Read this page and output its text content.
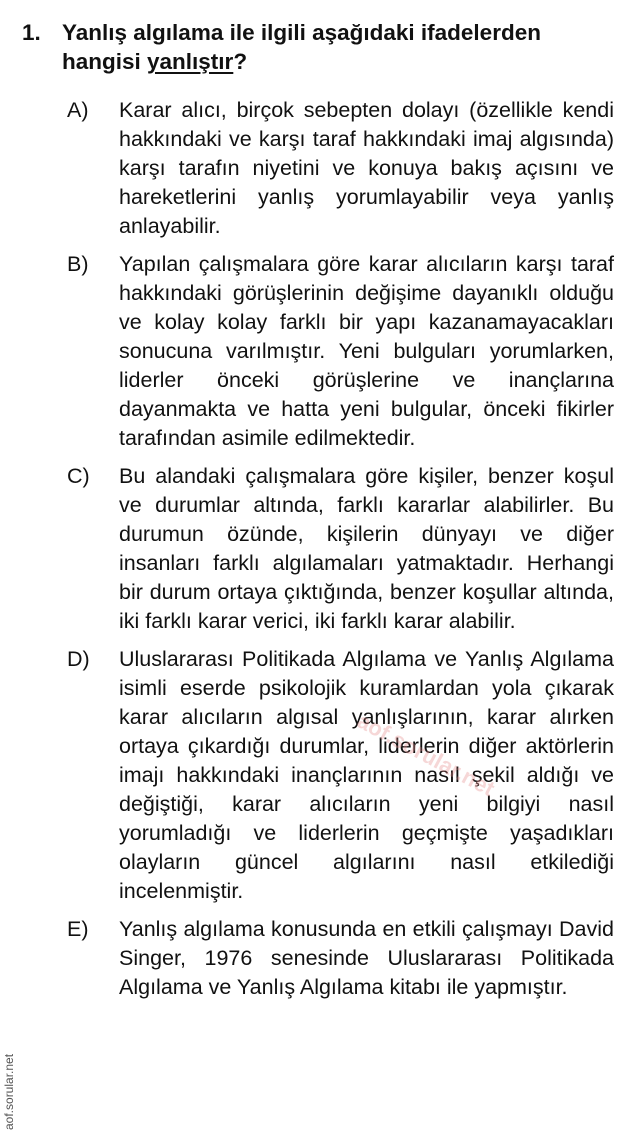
1. Yanlış algılama ile ilgili aşağıdaki ifadelerden hangisi yanlıştır?
A)	Karar alıcı, birçok sebepten dolayı (özellikle kendi hakkındaki ve karşı taraf hakkındaki imaj algısında) karşı tarafın niyetini ve konuya bakış açısını ve hareketlerini yanlış yorumlayabilir veya yanlış anlayabilir.
B)	Yapılan çalışmalara göre karar alıcıların karşı taraf hakkındaki görüşlerinin değişime dayanıklı olduğu ve kolay kolay farklı bir yapı kazanamayacakları sonucuna varılmıştır. Yeni bulguları yorumlarken, liderler önceki görüşlerine ve inançlarına dayanmakta ve hatta yeni bulgular, önceki fikirler tarafından asimile edilmektedir.
C)	Bu alandaki çalışmalara göre kişiler, benzer koşul ve durumlar altında, farklı kararlar alabilirler. Bu durumun özünde, kişilerin dünyayı ve diğer insanları farklı algılamaları yatmaktadır. Herhangi bir durum ortaya çıktığında, benzer koşullar altında, iki farklı karar verici, iki farklı karar alabilir.
D)	Uluslararası Politikada Algılama ve Yanlış Algılama isimli eserde psikolojik kuramlardan yola çıkarak karar alıcıların algısal yanlışlarının, karar alırken ortaya çıkardığı durumlar, liderlerin diğer aktörlerin imajı hakkındaki inançlarının nasıl şekil aldığı ve değiştiği, karar alıcıların yeni bilgiyi nasıl yorumladığı ve liderlerin geçmişte yaşadıkları olayların güncel algılarını nasıl etkilediği incelenmiştir.
E)	Yanlış algılama konusunda en etkili çalışmayı David Singer, 1976 senesinde Uluslararası Politikada Algılama ve Yanlış Algılama kitabı ile yapmıştır.
aof.sorular.net
aof.sorular.net
